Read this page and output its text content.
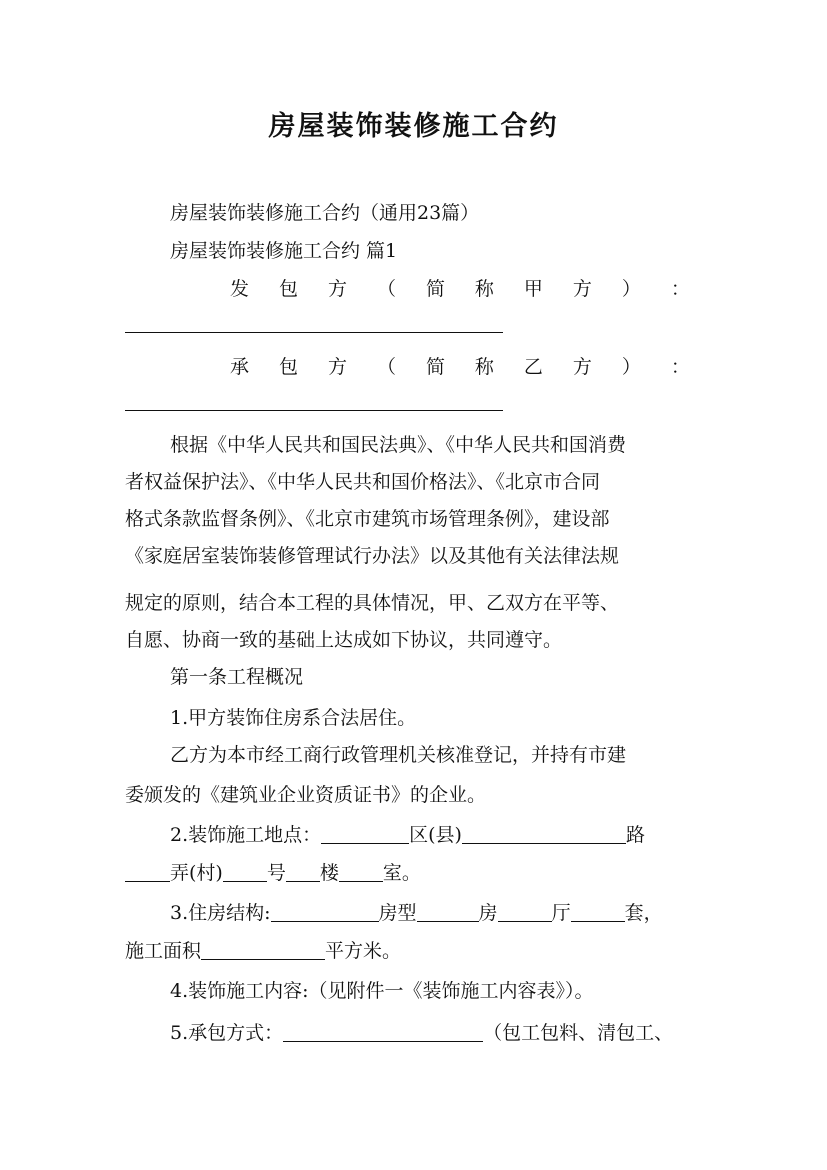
房屋装饰装修施工合约
房屋装饰装修施工合约（通用23篇）
房屋装饰装修施工合约 篇1
发 包 方 （ 简 称 甲 方 ） ：
承 包 方 （ 简 称 乙 方 ） ：
根据《中华人民共和国民法典》、《中华人民共和国消费
者权益保护法》、《中华人民共和国价格法》、《北京市合同
格式条款监督条例》、《北京市建筑市场管理条例》，建设部
《家庭居室装饰装修管理试行办法》以及其他有关法律法规
规定的原则，结合本工程的具体情况，甲、乙双方在平等、
自愿、协商一致的基础上达成如下协议，共同遵守。
第一条工程概况
1.甲方装饰住房系合法居住。
乙方为本市经工商行政管理机关核准登记，并持有市建
委颁发的《建筑业企业资质证书》的企业。
2.装饰施工地点：	区(县)	路
弄(村) 号 楼 室。
3.住房结构:	房型	房	厅	套，
施工面积	平方米。
4.装饰施工内容:（见附件一《装饰施工内容表》）。
5.承包方式：	（包工包料、清包工、
